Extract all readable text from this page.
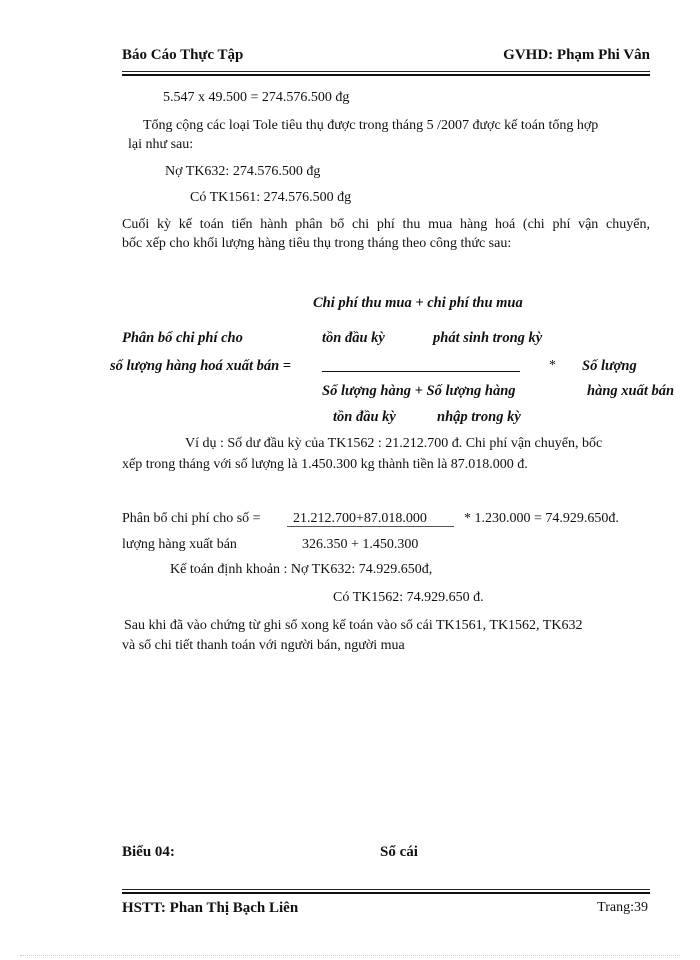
Báo Cáo Thực Tập	GVHD: Phạm Phi Vân
5.547 x 49.500 = 274.576.500 đg
Tổng cộng các loại Tole tiêu thụ được trong tháng 5 /2007 được kế toán tổng hợp
lại như sau:
Nợ TK632: 274.576.500 đg
Có TK1561: 274.576.500 đg
Cuối kỳ kế toán tiến hành phân bổ chi phí thu mua hàng hoá (chi phí vận chuyển,
bốc xếp cho khối lượng hàng tiêu thụ trong tháng theo công thức sau:
Chi phí thu mua + chi phí thu mua
Phân bổ chi phí cho	tồn đầu kỳ	phát sinh trong kỳ
số lượng hàng hoá xuất bán =	* Số lượng
Số lượng hàng + Số lượng hàng	hàng xuất bán
tồn đầu kỳ	nhập trong kỳ
Ví dụ : Số dư đầu kỳ của TK1562 : 21.212.700 đ. Chi phí vận chuyển, bốc
xếp trong tháng với số lượng là 1.450.300 kg thành tiền là 87.018.000 đ.
Phân bổ chi phí cho số = 21.212.700+87.018.000	* 1.230.000 = 74.929.650đ.
lượng hàng xuất bán	326.350 + 1.450.300
Kế toán định khoản : Nợ TK632: 74.929.650đ,
Có TK1562: 74.929.650 đ.
Sau khi đã vào chứng từ ghi sổ xong kế toán vào sổ cái TK1561, TK1562, TK632
và sổ chi tiết thanh toán với người bán, người mua
Biểu 04:	Sổ cái
HSTT: Phan Thị Bạch Liên	Trang:39
